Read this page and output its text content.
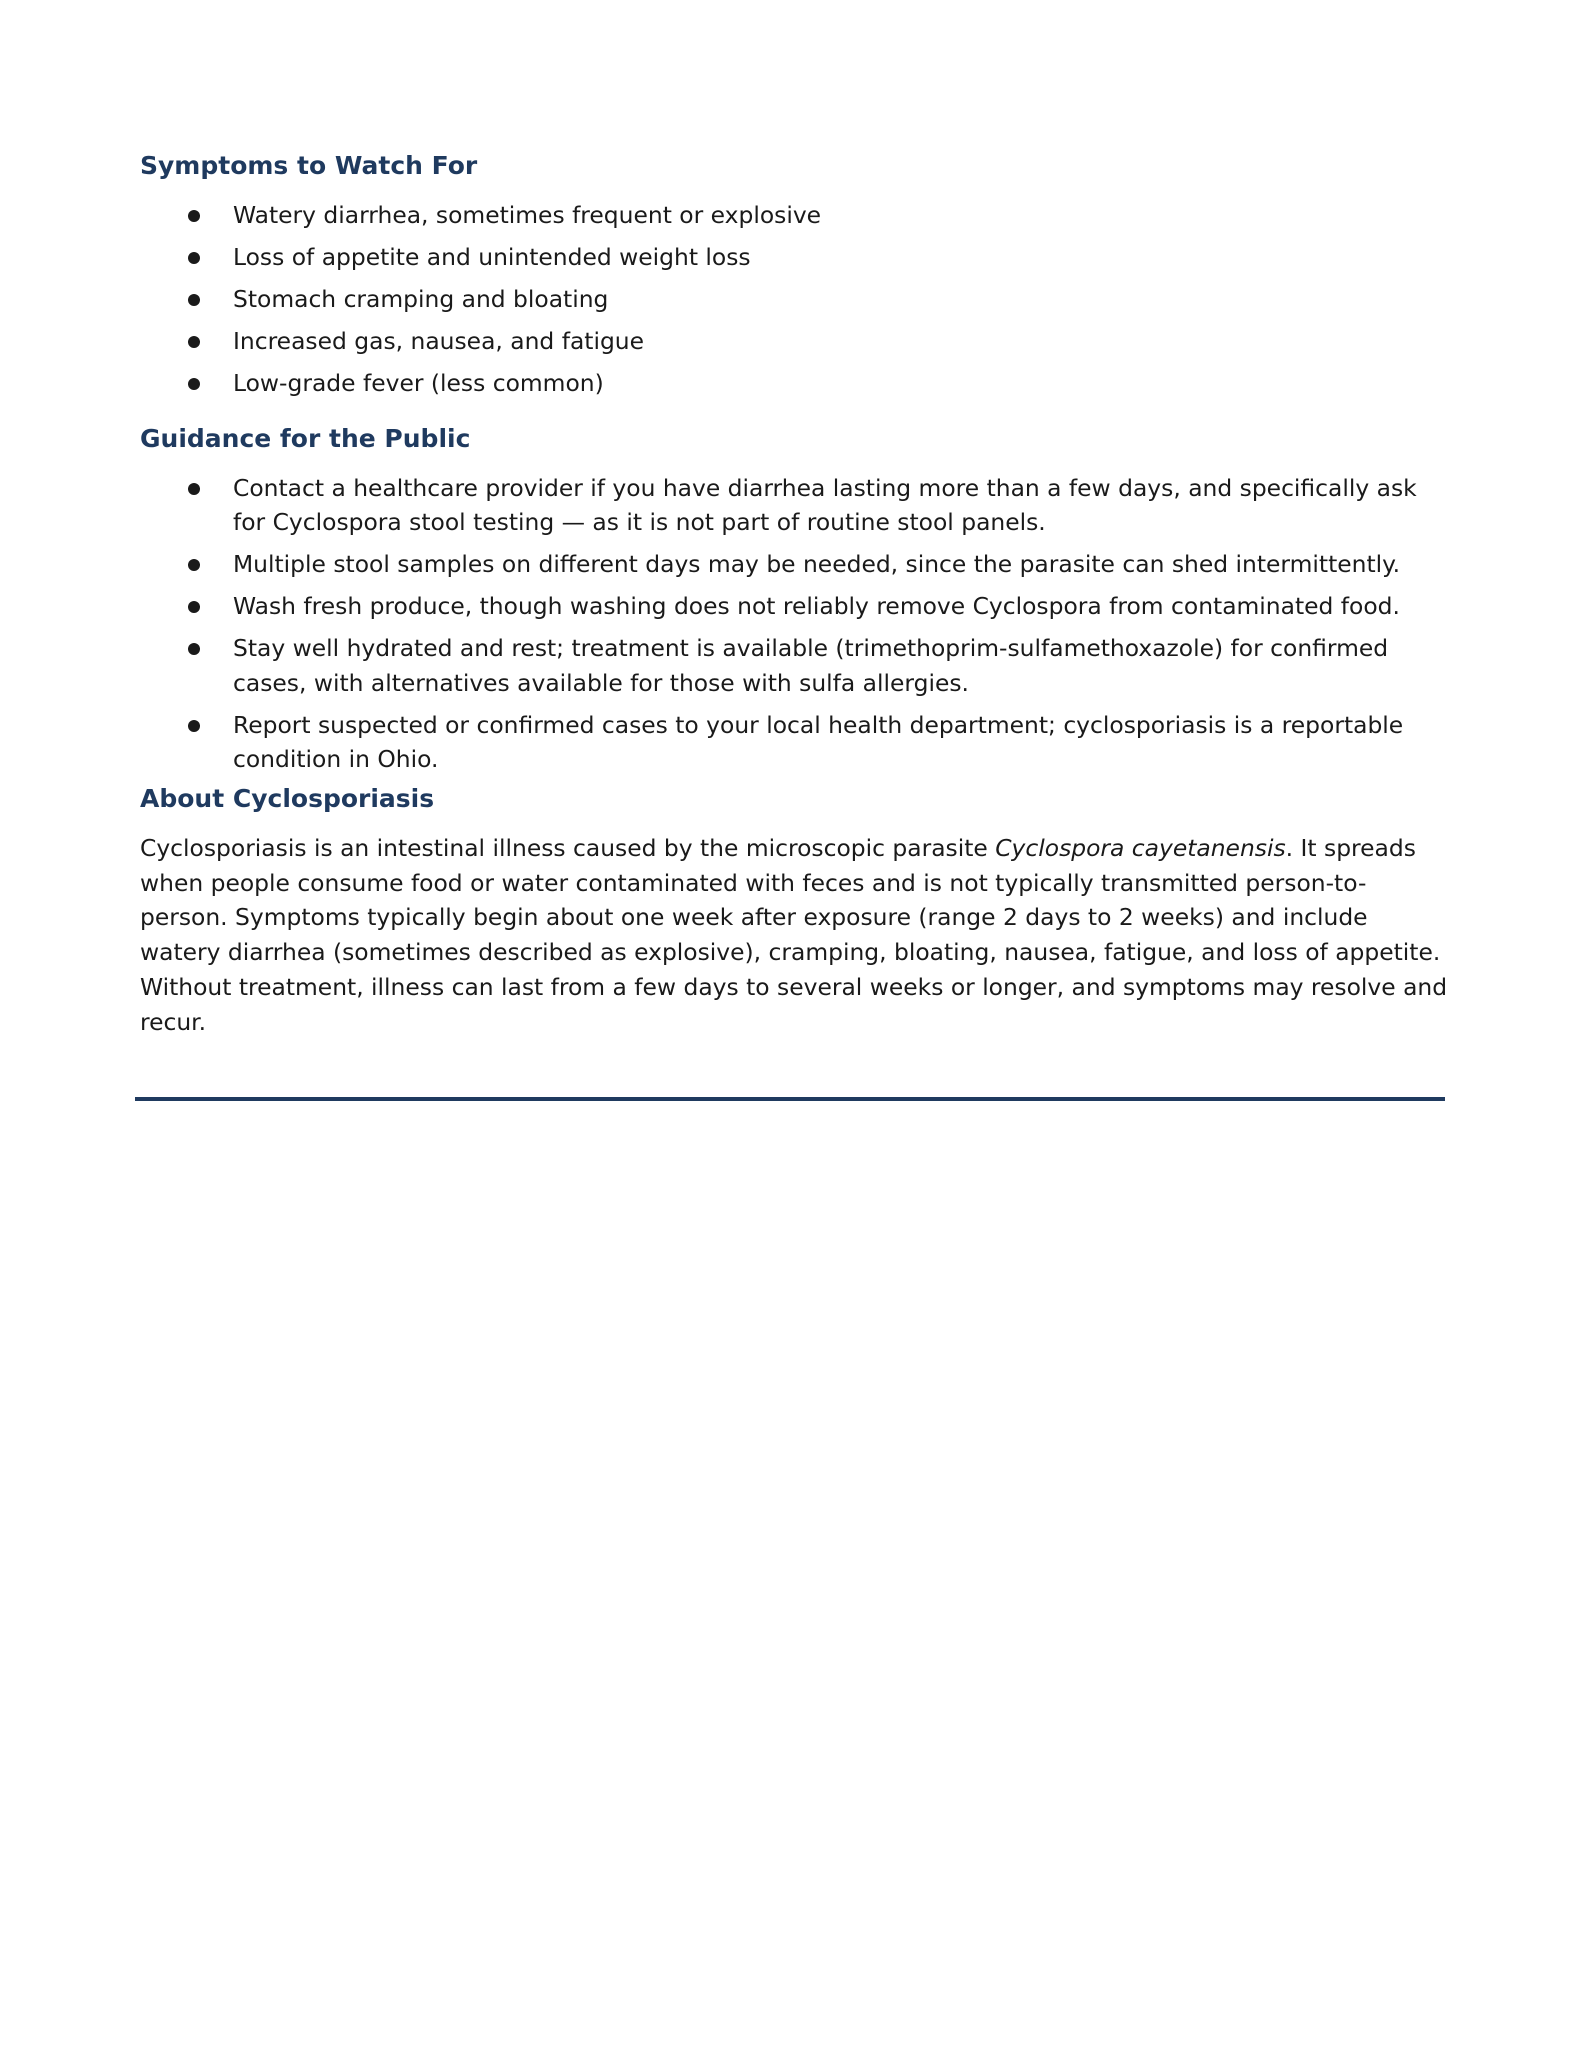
Symptoms to Watch For
Watery diarrhea, sometimes frequent or explosive
Loss of appetite and unintended weight loss
Stomach cramping and bloating
Increased gas, nausea, and fatigue
Low-grade fever (less common)
Guidance for the Public
Contact a healthcare provider if you have diarrhea lasting more than a few days, and specifically ask for Cyclospora stool testing — as it is not part of routine stool panels.
Multiple stool samples on different days may be needed, since the parasite can shed intermittently.
Wash fresh produce, though washing does not reliably remove Cyclospora from contaminated food.
Stay well hydrated and rest; treatment is available (trimethoprim-sulfamethoxazole) for confirmed cases, with alternatives available for those with sulfa allergies.
Report suspected or confirmed cases to your local health department; cyclosporiasis is a reportable condition in Ohio.
About Cyclosporiasis

Cyclosporiasis is an intestinal illness caused by the microscopic parasite Cyclospora cayetanensis. It spreads when people consume food or water contaminated with feces and is not typically transmitted person-to-person. Symptoms typically begin about one week after exposure (range 2 days to 2 weeks) and include watery diarrhea (sometimes described as explosive), cramping, bloating, nausea, fatigue, and loss of appetite. Without treatment, illness can last from a few days to several weeks or longer, and symptoms may resolve and recur.
